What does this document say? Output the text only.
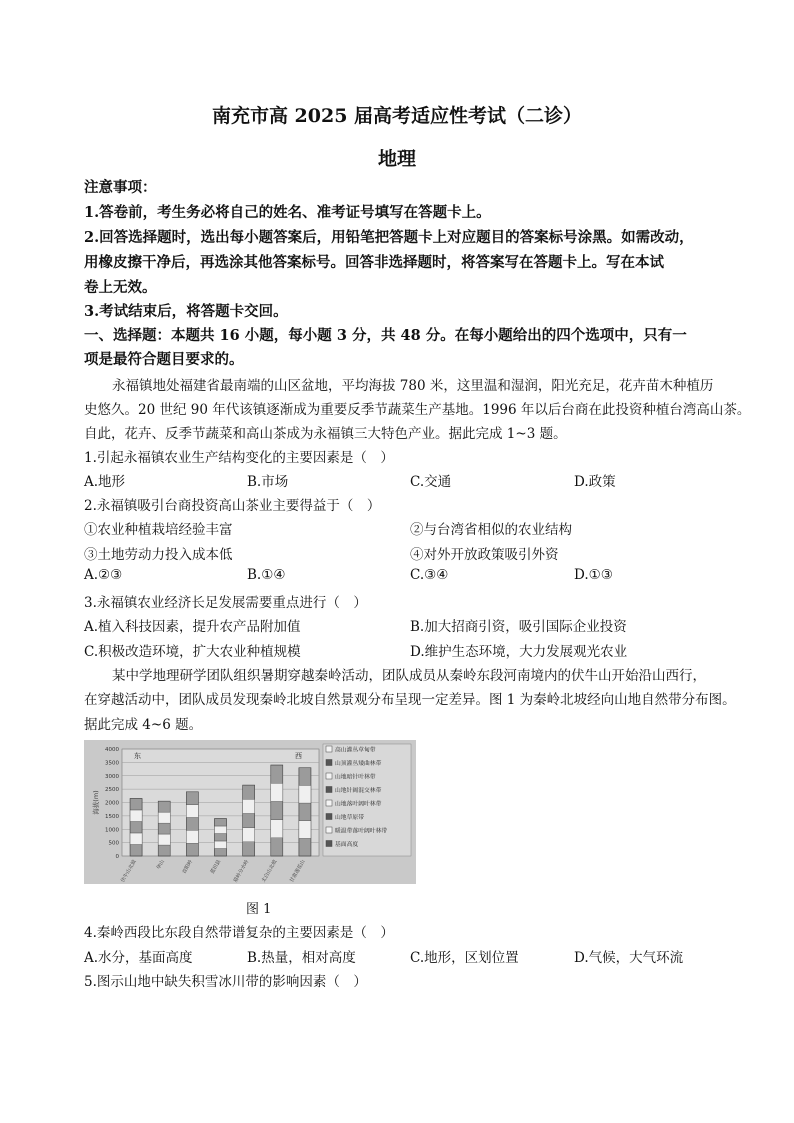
南充市高 2025 届高考适应性考试（二诊）
地理
注意事项：
1.答卷前，考生务必将自己的姓名、准考证号填写在答题卡上。
2.回答选择题时，选出每小题答案后，用铅笔把答题卡上对应题目的答案标号涂黑。如需改动，
用橡皮擦干净后，再选涂其他答案标号。回答非选择题时，将答案写在答题卡上。写在本试
卷上无效。
3.考试结束后，将答题卡交回。
一、选择题：本题共 16 小题，每小题 3 分，共 48 分。在每小题给出的四个选项中，只有一
项是最符合题目要求的。
永福镇地处福建省最南端的山区盆地，平均海拔 780 米，这里温和湿润，阳光充足，花卉苗木种植历
史悠久。20 世纪 90 年代该镇逐渐成为重要反季节蔬菜生产基地。1996 年以后台商在此投资种植台湾高山茶。
自此，花卉、反季节蔬菜和高山茶成为永福镇三大特色产业。据此完成 1~3 题。
1.引起永福镇农业生产结构变化的主要因素是（　）
A.地形	B.市场	C.交通	D.政策
2.永福镇吸引台商投资高山茶业主要得益于（　）
①农业种植栽培经验丰富	②与台湾省相似的农业结构
③土地劳动力投入成本低	④对外开放政策吸引外资
A.②③	B.①④	C.③④	D.①③
3.永福镇农业经济长足发展需要重点进行（　）
A.植入科技因素，提升农产品附加值	B.加大招商引资，吸引国际企业投资
C.积极改造环境，扩大农业种植规模	D.维护生态环境，大力发展观光农业
某中学地理研学团队组织暑期穿越秦岭活动，团队成员从秦岭东段河南境内的伏牛山开始沿山西行，
在穿越活动中，团队成员发现秦岭北坡自然景观分布呈现一定差异。图 1 为秦岭北坡经向山地自然带分布图。
据此完成 4~6 题。
0
500
1000
1500
2000
2500
3000
3500
4000
海拔(m)
东	西
伏牛山北坡	华山	首阳岭	蓝田县 眉岭分水岭 太白山北坡 甘肃莲花山
高山灌丛草甸带
山顶灌丛矮曲林带
山地暗针叶林带
山地针阔混交林带
山地落叶阔叶林带
山地草原带
暖温带落叶阔叶林带
基面高度
图 1
4.秦岭西段比东段自然带谱复杂的主要因素是（　）
A.水分，基面高度	B.热量，相对高度	C.地形，区划位置	D.气候，大气环流
5.图示山地中缺失积雪冰川带的影响因素（　）
